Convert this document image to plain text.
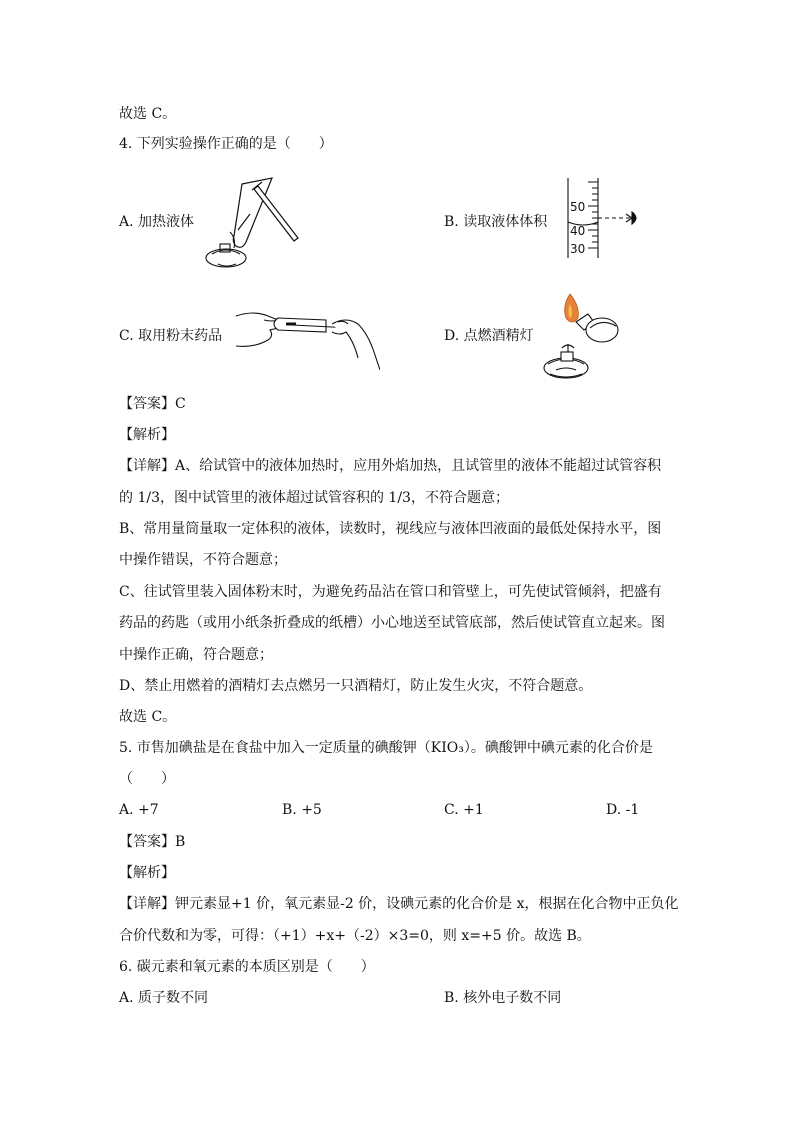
故选 C。
4. 下列实验操作正确的是（　　）
A. 加热液体	B. 读取液体体积
50
40
30
C. 取用粉末药品	D. 点燃酒精灯
【答案】C
【解析】
【详解】A、给试管中的液体加热时，应用外焰加热，且试管里的液体不能超过试管容积
的 1/3，图中试管里的液体超过试管容积的 1/3，不符合题意；
B、常用量筒量取一定体积的液体，读数时，视线应与液体凹液面的最低处保持水平，图
中操作错误，不符合题意；
C、往试管里装入固体粉末时，为避免药品沾在管口和管壁上，可先使试管倾斜，把盛有
药品的药匙（或用小纸条折叠成的纸槽）小心地送至试管底部，然后使试管直立起来。图
中操作正确，符合题意；
D、禁止用燃着的酒精灯去点燃另一只酒精灯，防止发生火灾，不符合题意。
故选 C。
5. 市售加碘盐是在食盐中加入一定质量的碘酸钾（KIO₃）。碘酸钾中碘元素的化合价是
（　　）
A. +7	B. +5	C. +1	D. -1
【答案】B
【解析】
【详解】钾元素显+1 价，氧元素显-2 价，设碘元素的化合价是 x，根据在化合物中正负化
合价代数和为零，可得：（+1）+x+（-2）×3=0，则 x=+5 价。故选 B。
6. 碳元素和氧元素的本质区别是（　　）
A. 质子数不同	B. 核外电子数不同
